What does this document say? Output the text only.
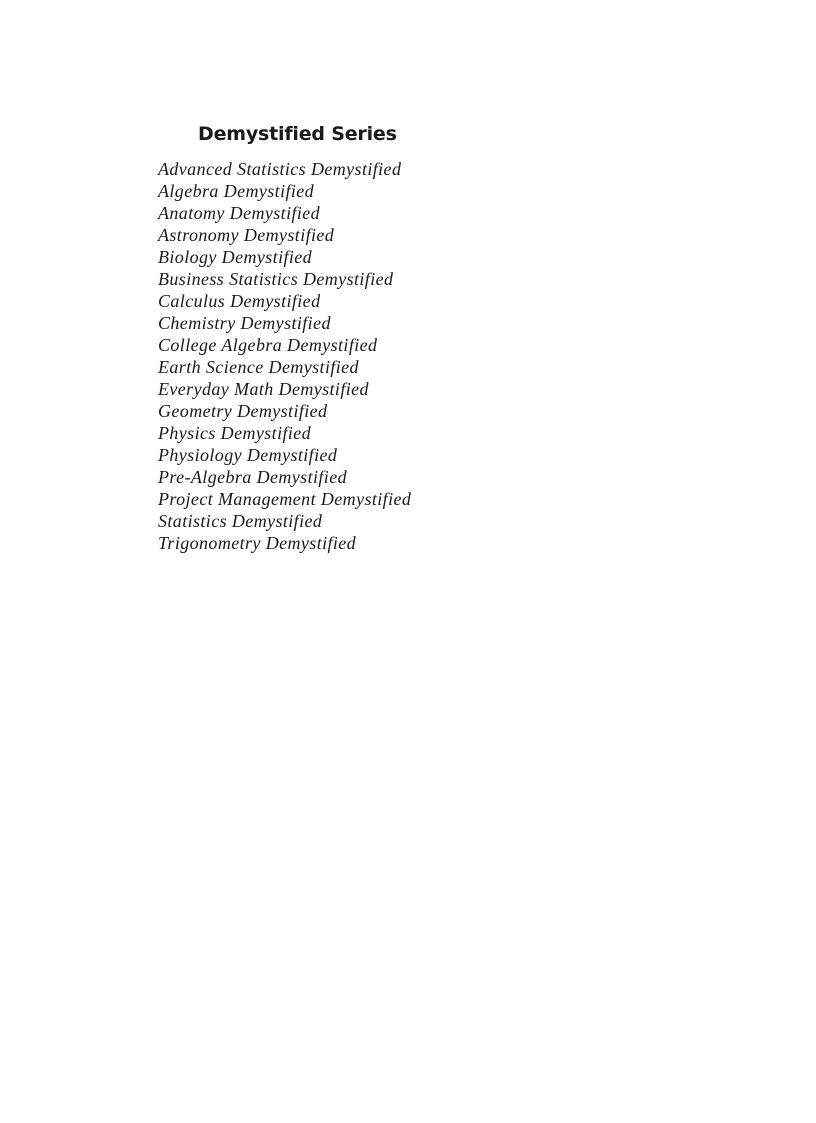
Demystified Series
Advanced Statistics Demystified
Algebra Demystified
Anatomy Demystified
Astronomy Demystified
Biology Demystified
Business Statistics Demystified
Calculus Demystified
Chemistry Demystified
College Algebra Demystified
Earth Science Demystified
Everyday Math Demystified
Geometry Demystified
Physics Demystified
Physiology Demystified
Pre-Algebra Demystified
Project Management Demystified
Statistics Demystified
Trigonometry Demystified
